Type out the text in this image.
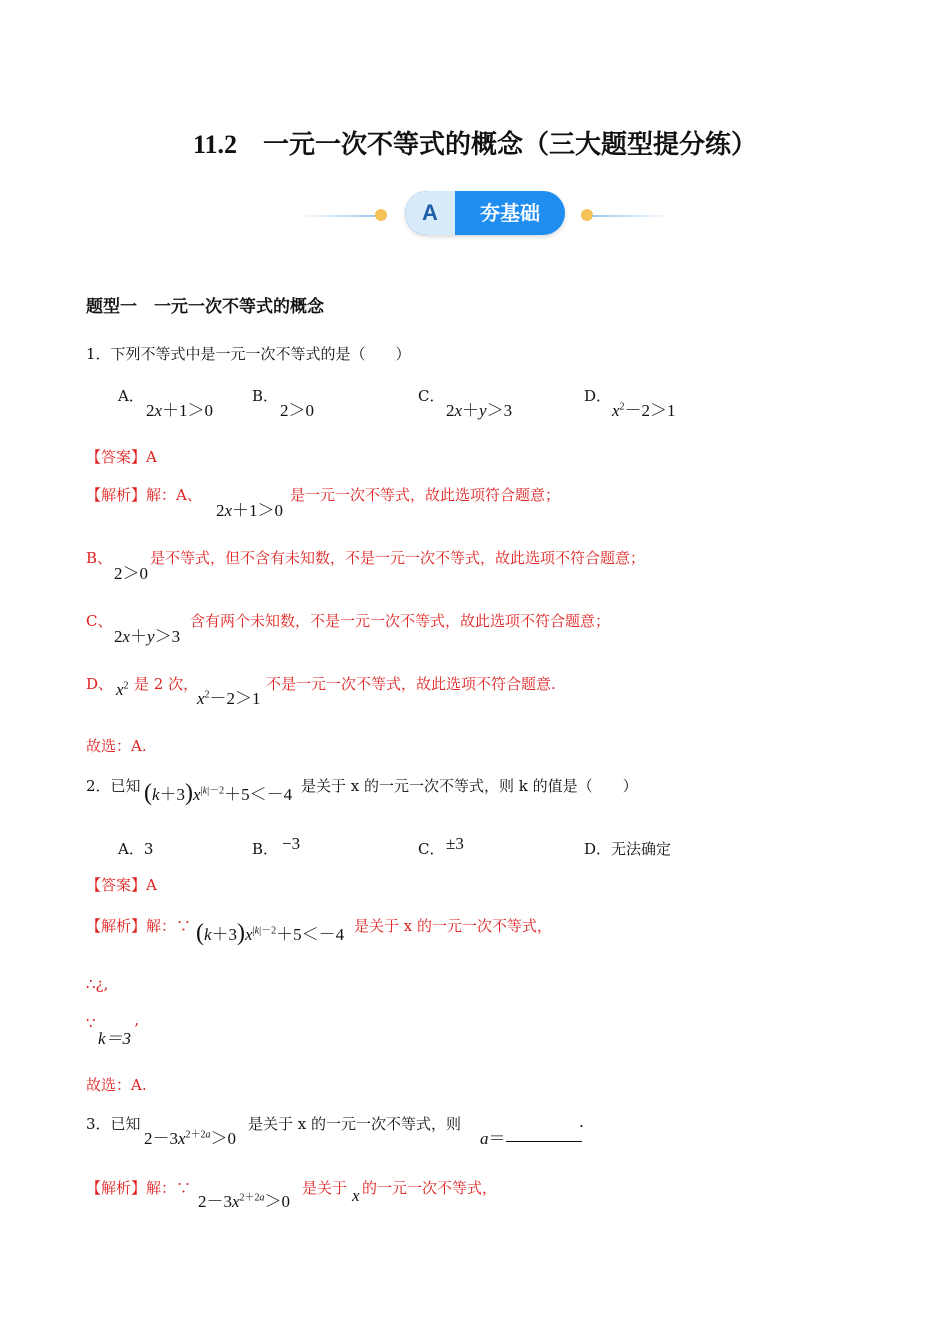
11.2 一元一次不等式的概念（三大题型提分练）
A	夯基础
题型一　一元一次不等式的概念
1．下列不等式中是一元一次不等式的是（　　）
A．
2x＋1＞0
B．
2＞0
C．
2x＋y＞3
D．
$x^2-2>1$
【答案】A
【解析】解：A、
2x＋1＞0
是一元一次不等式，故此选项符合题意；
B、
2＞0
是不等式，但不含有未知数，不是一元一次不等式，故此选项不符合题意；
C、
2x＋y＞3
含有两个未知数，不是一元一次不等式，故此选项不符合题意；
D、 $x^2$ 是 2 次，
$x^2-2>1$
不是一元一次不等式，故此选项不符合题意.
故选：A.
2．已知 $(k+3)x^{|k|-2}+5<-4$ 是关于 x 的一元一次不等式，则 k 的值是（　　）
A．3	B． −3	C． ±3	D．无法确定
【答案】A
【解析】解：∵ $(k+3)x^{|k|-2}+5<-4$ 是关于 x 的一元一次不等式，
∴¿,
∵
k＝3 ’
故选：A.
3．已知
$2-3x^{2+2a}>0$
是关于 x 的一元一次不等式，则
a＝
.
【解析】解：∵
$2-3x^{2+2a}>0$
是关于 x 的一元一次不等式，
